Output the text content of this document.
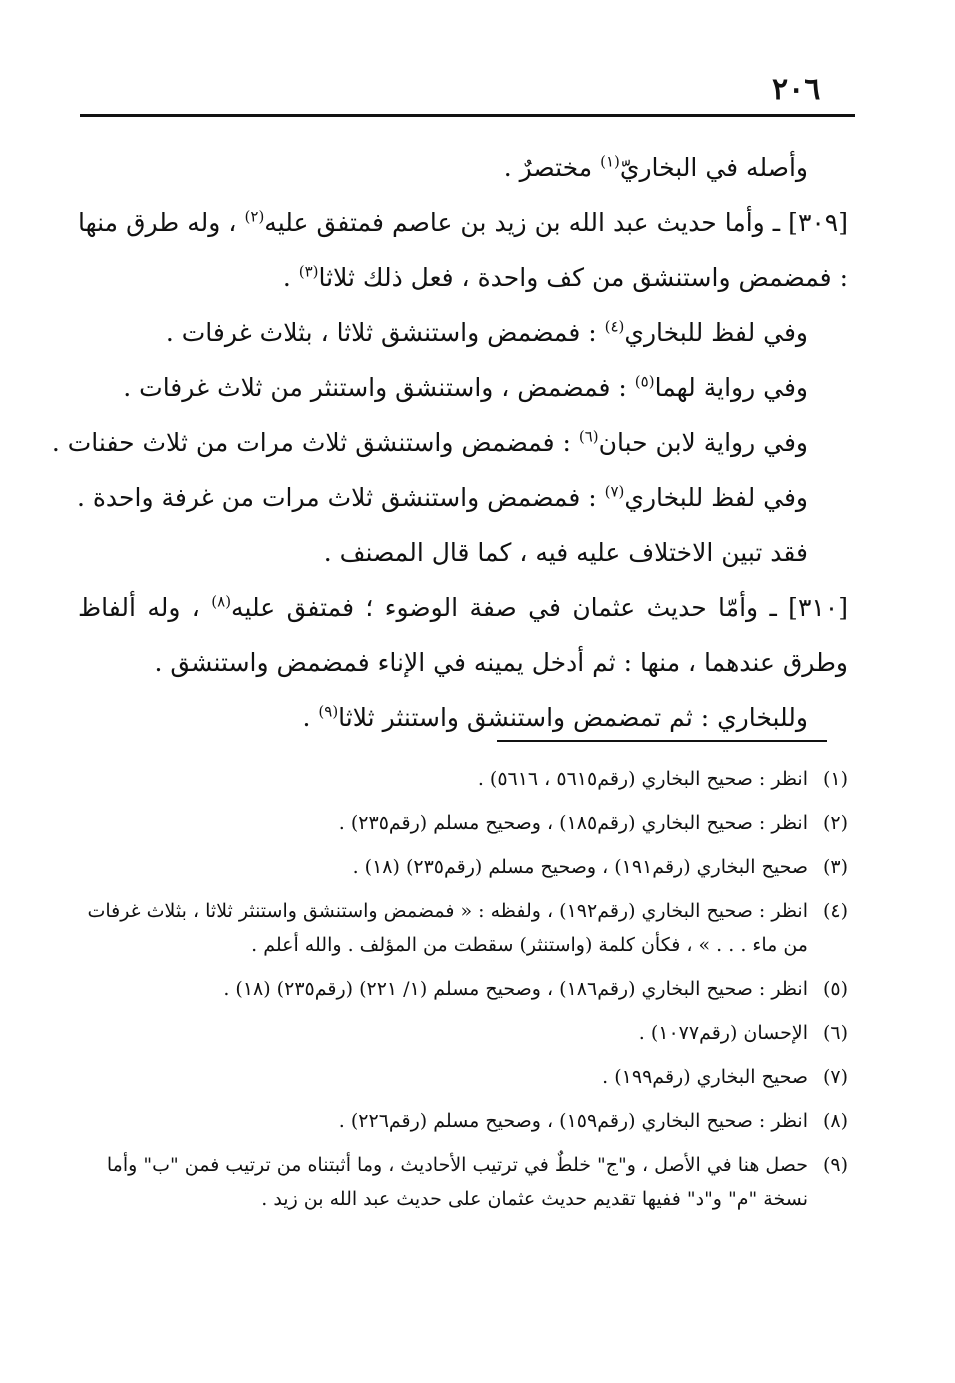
٢٠٦

وأصله في البخاريّ$^{(١)}$ مختصرٌ .

[٣٠٩] ـ وأما حديث عبد الله بن زيد بن عاصم فمتفق عليه$^{(٢)}$ ، وله طرق منها : فمضمض واستنشق من كف واحدة ، فعل ذلك ثلاثا$^{(٣)}$ .

وفي لفظ للبخاري$^{(٤)}$ : فمضمض واستنشق ثلاثا ، بثلاث غرفات .

وفي رواية لهما$^{(٥)}$ : فمضمض ، واستنشق واستنثر من ثلاث غرفات .

وفي رواية لابن حبان$^{(٦)}$ : فمضمض واستنشق ثلاث مرات من ثلاث حفنات .

وفي لفظ للبخاري$^{(٧)}$ : فمضمض واستنشق ثلاث مرات من غرفة واحدة .

فقد تبين الاختلاف عليه فيه ، كما قال المصنف .

[٣١٠] ـ وأمّا حديث عثمان في صفة الوضوء ؛ فمتفق عليه$^{(٨)}$ ، وله ألفاظ وطرق عندهما ، منها : ثم أدخل يمينه في الإناء فمضمض واستنشق .

وللبخاري : ثم تمضمض واستنشق واستنثر ثلاثا$^{(٩)}$ .

(١)
انظر : صحيح البخاري (رقم٥٦١٥ ، ٥٦١٦) .
(٢)
انظر : صحيح البخاري (رقم١٨٥) ، وصحيح مسلم (رقم٢٣٥) .
(٣)
صحيح البخاري (رقم١٩١) ، وصحيح مسلم (رقم٢٣٥) (١٨) .
(٤)
انظر : صحيح البخاري (رقم١٩٢) ، ولفظه : « فمضمض واستنشق واستنثر ثلاثا ، بثلاث غرفات من ماء . . . » ، فكأن كلمة (واستنثر) سقطت من المؤلف . والله أعلم .
(٥)
انظر : صحيح البخاري (رقم١٨٦) ، وصحيح مسلم (١/ ٢٢١) (رقم٢٣٥) (١٨) .
(٦)
الإحسان (رقم١٠٧٧) .
(٧)
صحيح البخاري (رقم١٩٩) .
(٨)
انظر : صحيح البخاري (رقم١٥٩) ، وصحيح مسلم (رقم٢٢٦) .
(٩)
حصل هنا في الأصل ، و"ج" خلطٌ في ترتيب الأحاديث ، وما أثبتناه من ترتيب فمن "ب" وأما نسخة "م" و"د" ففيها تقديم حديث عثمان على حديث عبد الله بن زيد .
